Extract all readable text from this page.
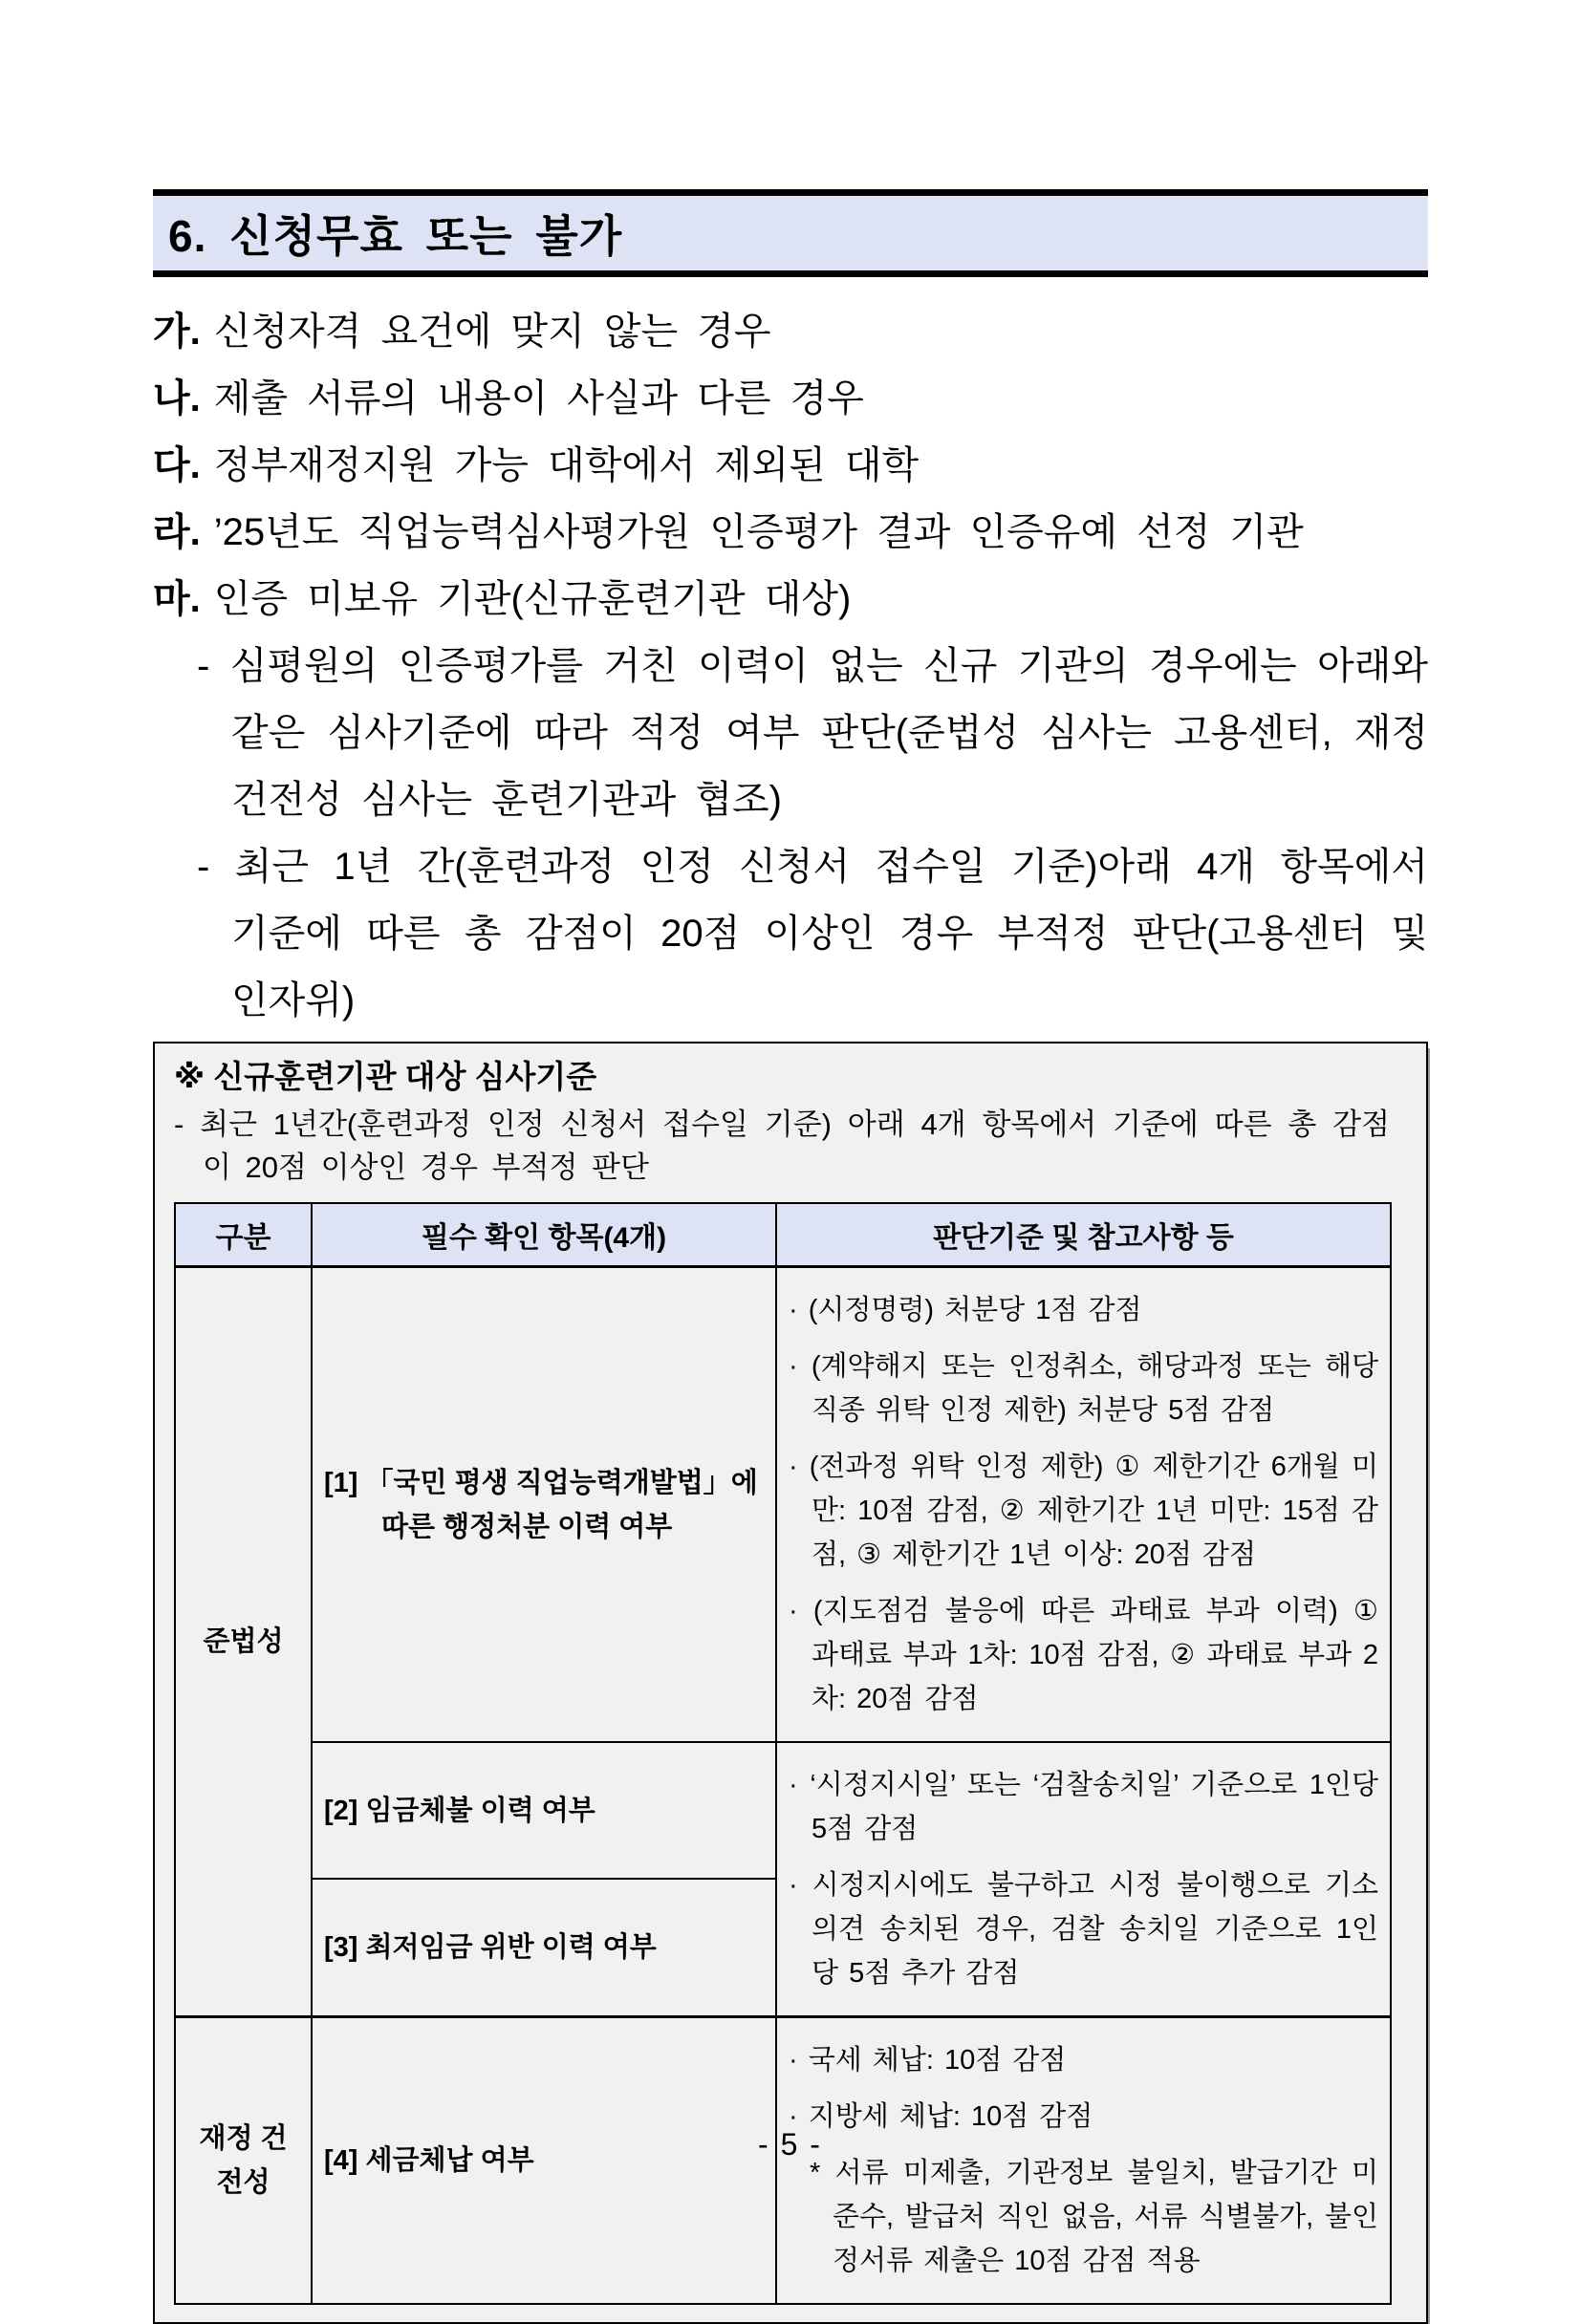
6. 신청무효 또는 불가
가. 신청자격 요건에 맞지 않는 경우
나. 제출 서류의 내용이 사실과 다른 경우
다. 정부재정지원 가능 대학에서 제외된 대학
라. ’25년도 직업능력심사평가원 인증평가 결과 인증유예 선정 기관
마. 인증 미보유 기관(신규훈련기관 대상)
- 심평원의 인증평가를 거친 이력이 없는 신규 기관의 경우에는 아래와 같은 심사기준에 따라 적정 여부 판단(준법성 심사는 고용센터, 재정건전성 심사는 훈련기관과 협조)
- 최근 1년 간(훈련과정 인정 신청서 접수일 기준)아래 4개 항목에서 기준에 따른 총 감점이 20점 이상인 경우 부적정 판단(고용센터 및 인자위)
※ 신규훈련기관 대상 심사기준
- 최근 1년간(훈련과정 인정 신청서 접수일 기준) 아래 4개 항목에서 기준에 따른 총 감점이 20점 이상인 경우 부적정 판단
구분	필수 확인 항목(4개)	판단기준 및 참고사항 등
준법성	[1] 「국민 평생 직업능력개발법」에 따른 행정처분 이력 여부	· (시정명령) 처분당 1점 감점
· (계약해지 또는 인정취소, 해당과정 또는 해당 직종 위탁 인정 제한) 처분당 5점 감점
· (전과정 위탁 인정 제한) ① 제한기간 6개월 미만: 10점 감점, ② 제한기간 1년 미만: 15점 감점, ③ 제한기간 1년 이상: 20점 감점
· (지도점검 불응에 따른 과태료 부과 이력) ① 과태료 부과 1차: 10점 감점, ② 과태료 부과 2차: 20점 감점

	[2] 임금체불 이력 여부	· ‘시정지시일’ 또는 ‘검찰송치일’ 기준으로 1인당 5점 감점
· 시정지시에도 불구하고 시정 불이행으로 기소의견 송치된 경우, 검찰 송치일 기준으로 1인당 5점 추가 감점

	[3] 최저임금 위반 이력 여부	

재정 건전성	[4] 세금체납 여부	· 국세 체납: 10점 감점
· 지방세 체납: 10점 감점
* 서류 미제출, 기관정보 불일치, 발급기간 미준수, 발급처 직인 없음, 서류 식별불가, 불인정서류 제출은 10점 감점 적용
- 5 -
